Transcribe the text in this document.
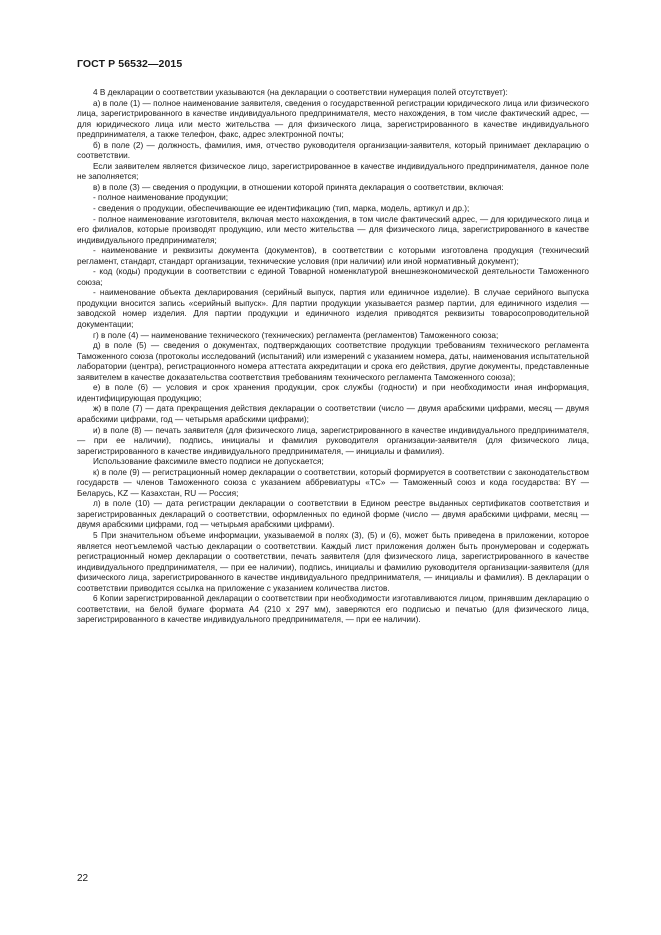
ГОСТ Р 56532—2015

4 В декларации о соответствии указываются (на декларации о соответствии нумерация полей отсутствует):

а) в поле (1) — полное наименование заявителя, сведения о государственной регистрации юридического лица или физического лица, зарегистрированного в качестве индивидуального предпринимателя, место нахождения, в том числе фактический адрес, — для юридического лица или место жительства — для физического лица, зарегистрированного в качестве индивидуального предпринимателя, а также телефон, факс, адрес электронной почты;

б) в поле (2) — должность, фамилия, имя, отчество руководителя организации-заявителя, который принимает декларацию о соответствии.

Если заявителем является физическое лицо, зарегистрированное в качестве индивидуального предпринимателя, данное поле не заполняется;

в) в поле (3) — сведения о продукции, в отношении которой принята декларация о соответствии, включая:

- полное наименование продукции;

- сведения о продукции, обеспечивающие ее идентификацию (тип, марка, модель, артикул и др.);

- полное наименование изготовителя, включая место нахождения, в том числе фактический адрес, — для юридического лица и его филиалов, которые производят продукцию, или место жительства — для физического лица, зарегистрированного в качестве индивидуального предпринимателя;

- наименование и реквизиты документа (документов), в соответствии с которыми изготовлена продукция (технический регламент, стандарт, стандарт организации, технические условия (при наличии) или иной нормативный документ);

- код (коды) продукции в соответствии с единой Товарной номенклатурой внешнеэкономической деятельности Таможенного союза;

- наименование объекта декларирования (серийный выпуск, партия или единичное изделие). В случае серийного выпуска продукции вносится запись «серийный выпуск». Для партии продукции указывается размер партии, для единичного изделия — заводской номер изделия. Для партии продукции и единичного изделия приводятся реквизиты товаросопроводительной документации;

г) в поле (4) — наименование технического (технических) регламента (регламентов) Таможенного союза;

д) в поле (5) — сведения о документах, подтверждающих соответствие продукции требованиям технического регламента Таможенного союза (протоколы исследований (испытаний) или измерений с указанием номера, даты, наименования испытательной лаборатории (центра), регистрационного номера аттестата аккредитации и срока его действия, другие документы, представленные заявителем в качестве доказательства соответствия требованиям технического регламента Таможенного союза);

е) в поле (6) — условия и срок хранения продукции, срок службы (годности) и при необходимости иная информация, идентифицирующая продукцию;

ж) в поле (7) — дата прекращения действия декларации о соответствии (число — двумя арабскими цифрами, месяц — двумя арабскими цифрами, год — четырьмя арабскими цифрами);

и) в поле (8) — печать заявителя (для физического лица, зарегистрированного в качестве индивидуального предпринимателя, — при ее наличии), подпись, инициалы и фамилия руководителя организации-заявителя (для физического лица, зарегистрированного в качестве индивидуального предпринимателя, — инициалы и фамилия).

Использование факсимиле вместо подписи не допускается;

к) в поле (9) — регистрационный номер декларации о соответствии, который формируется в соответствии с законодательством государств — членов Таможенного союза с указанием аббревиатуры «ТС» — Таможенный союз и кода государства: BY — Беларусь, KZ — Казахстан, RU — Россия;

л) в поле (10) — дата регистрации декларации о соответствии в Едином реестре выданных сертификатов соответствия и зарегистрированных деклараций о соответствии, оформленных по единой форме (число — двумя арабскими цифрами, месяц — двумя арабскими цифрами, год — четырьмя арабскими цифрами).

5 При значительном объеме информации, указываемой в полях (3), (5) и (6), может быть приведена в приложении, которое является неотъемлемой частью декларации о соответствии. Каждый лист приложения должен быть пронумерован и содержать регистрационный номер декларации о соответствии, печать заявителя (для физического лица, зарегистрированного в качестве индивидуального предпринимателя, — при ее наличии), подпись, инициалы и фамилию руководителя организации-заявителя (для физического лица, зарегистрированного в качестве индивидуального предпринимателя, — инициалы и фамилия). В декларации о соответствии приводится ссылка на приложение с указанием количества листов.

6 Копии зарегистрированной декларации о соответствии при необходимости изготавливаются лицом, принявшим декларацию о соответствии, на белой бумаге формата А4 (210 x 297 мм), заверяются его подписью и печатью (для физического лица, зарегистрированного в качестве индивидуального предпринимателя, — при ее наличии).

22
